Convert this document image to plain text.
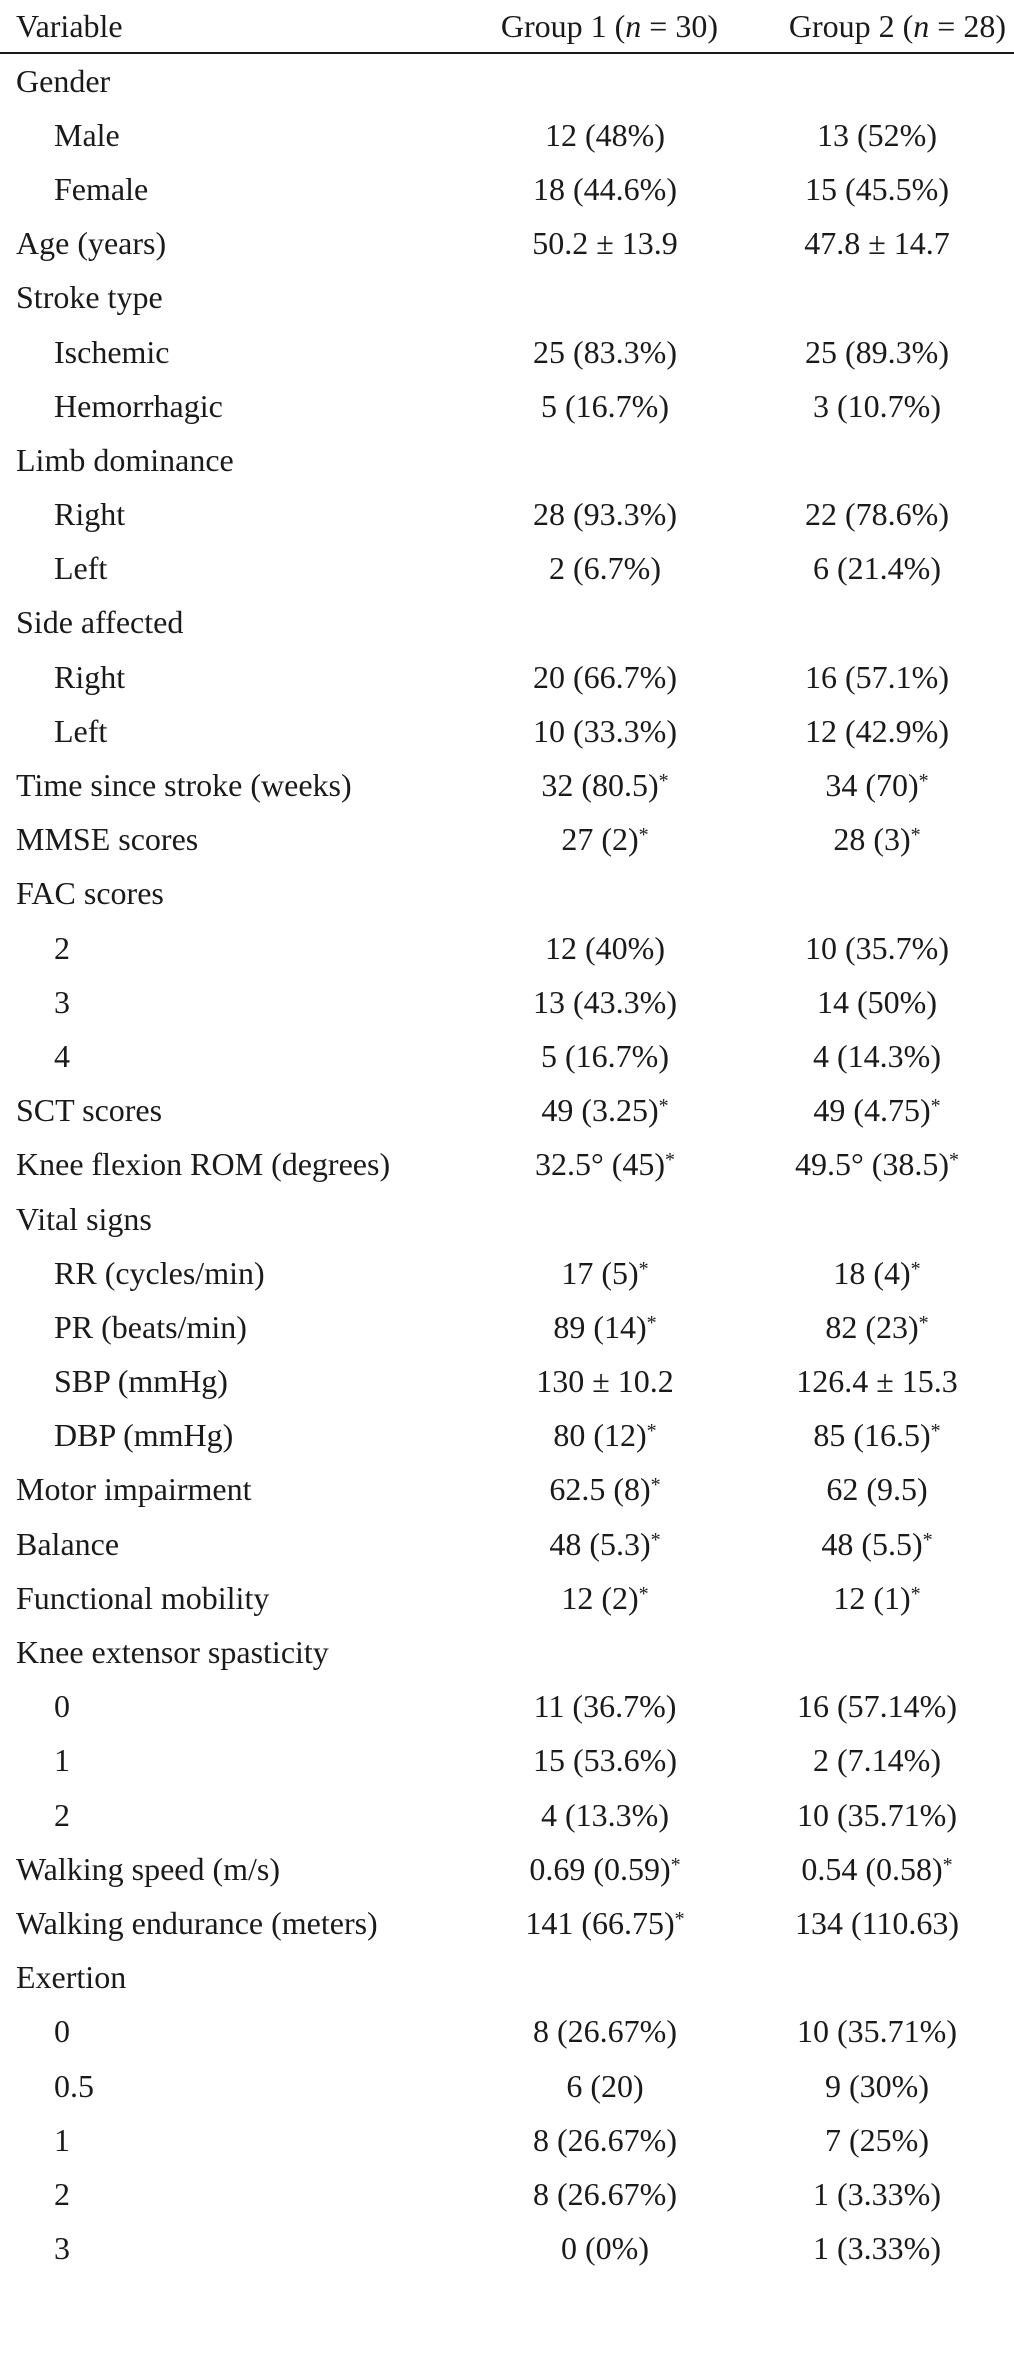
Variable	Group 1 (n = 30)	Group 2 (n = 28)
Gender		
Male	12 (48%)	13 (52%)
Female	18 (44.6%)	15 (45.5%)
Age (years)	50.2 ± 13.9	47.8 ± 14.7
Stroke type		
Ischemic	25 (83.3%)	25 (89.3%)
Hemorrhagic	5 (16.7%)	3 (10.7%)
Limb dominance		
Right	28 (93.3%)	22 (78.6%)
Left	2 (6.7%)	6 (21.4%)
Side affected		
Right	20 (66.7%)	16 (57.1%)
Left	10 (33.3%)	12 (42.9%)
Time since stroke (weeks)	32 (80.5)*	34 (70)*
MMSE scores	27 (2)*	28 (3)*
FAC scores		
2	12 (40%)	10 (35.7%)
3	13 (43.3%)	14 (50%)
4	5 (16.7%)	4 (14.3%)
SCT scores	49 (3.25)*	49 (4.75)*
Knee flexion ROM (degrees)	32.5° (45)*	49.5° (38.5)*
Vital signs		
RR (cycles/min)	17 (5)*	18 (4)*
PR (beats/min)	89 (14)*	82 (23)*
SBP (mmHg)	130 ± 10.2	126.4 ± 15.3
DBP (mmHg)	80 (12)*	85 (16.5)*
Motor impairment	62.5 (8)*	62 (9.5)
Balance	48 (5.3)*	48 (5.5)*
Functional mobility	12 (2)*	12 (1)*
Knee extensor spasticity		
0	11 (36.7%)	16 (57.14%)
1	15 (53.6%)	2 (7.14%)
2	4 (13.3%)	10 (35.71%)
Walking speed (m/s)	0.69 (0.59)*	0.54 (0.58)*
Walking endurance (meters)	141 (66.75)*	134 (110.63)
Exertion		
0	8 (26.67%)	10 (35.71%)
0.5	6 (20)	9 (30%)
1	8 (26.67%)	7 (25%)
2	8 (26.67%)	1 (3.33%)
3	0 (0%)	1 (3.33%)
